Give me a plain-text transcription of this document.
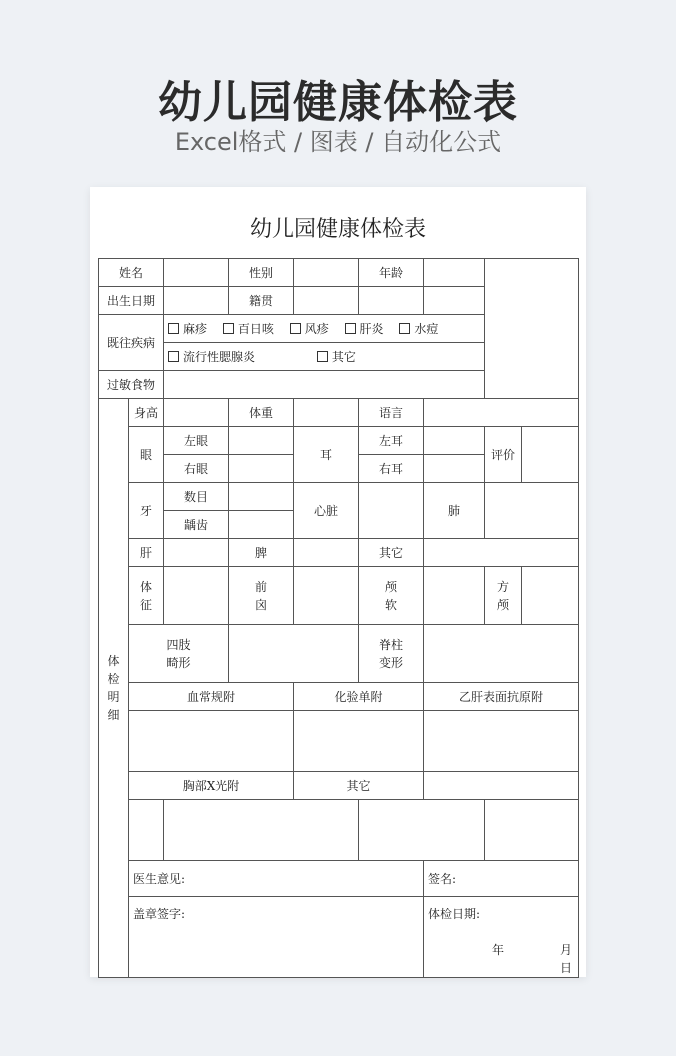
幼儿园健康体检表
Excel格式 / 图表 / 自动化公式
幼儿园健康体检表
姓名			性别		年龄			
出生日期			籍贯					
既往疾病		麻疹 百日咳 风疹 肝炎 水痘						
		流行性腮腺炎 其它						
过敏食物								
体检明细	身高		体重		语言			
	眼	左眼		耳	左耳		评价	
		右眼			右耳			
	牙	数目		心脏		肺		
		龋齿						
	肝		脾		其它			
	体征		前囟		颅软		方颅	
	四肢畸形				脊柱变形			
	血常规附			化验单附		乙肝表面抗原附		

	胸部X光附			其它				

	医生意见:					签名:		
	盖章签字:					体检日期:
年 月日		
